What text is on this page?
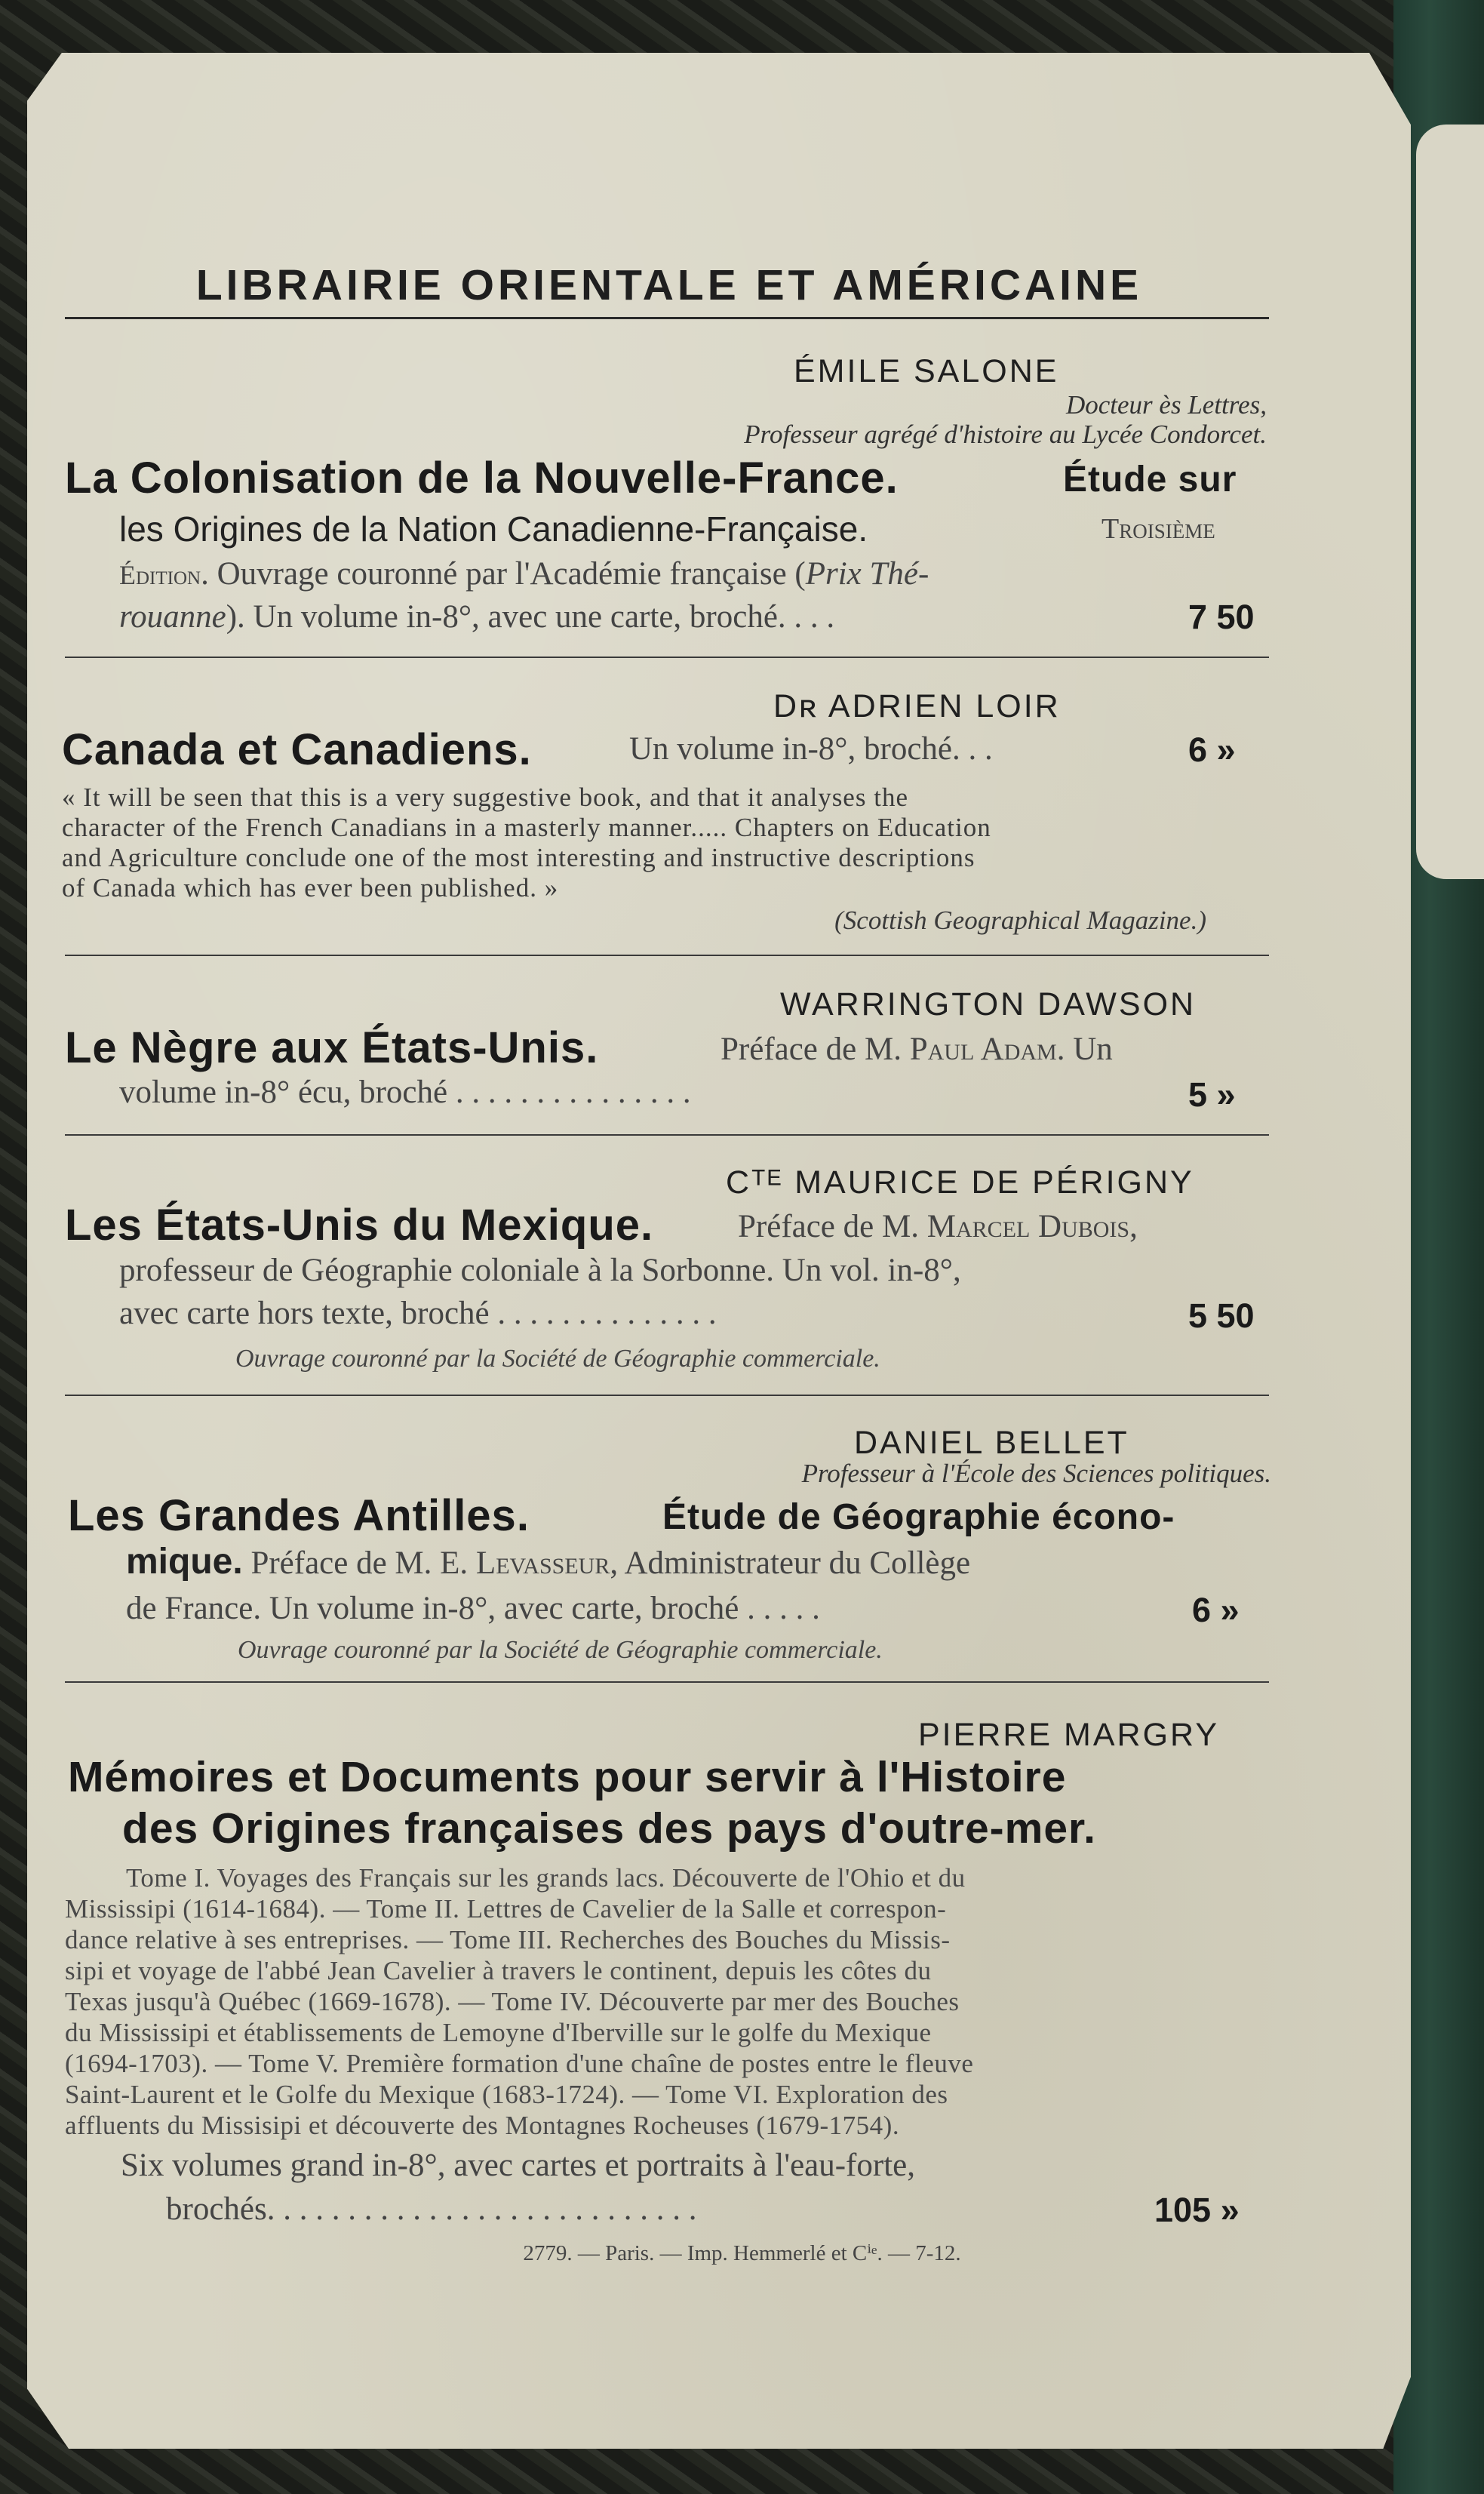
LIBRAIRIE ORIENTALE ET AMÉRICAINE
ÉMILE SALONE
Docteur ès Lettres,
Professeur agrégé d'histoire au Lycée Condorcet.
La Colonisation de la Nouvelle-France.	Étude sur
les Origines de la Nation Canadienne-Française.	Troisième
Édition. Ouvrage couronné par l'Académie française (Prix Thé-
rouanne). Un volume in-8°, avec une carte, broché. . . .	7 50
Dʀ ADRIEN LOIR
Canada et Canadiens.	Un volume in-8°, broché. . .	6 »
« It will be seen that this is a very suggestive book, and that it analyses the
character of the French Canadians in a masterly manner..... Chapters on Education
and Agriculture conclude one of the most interesting and instructive descriptions
of Canada which has ever been published. »
(Scottish Geographical Magazine.)
WARRINGTON DAWSON
Le Nègre aux États-Unis.	Préface de M. Paul Adam. Un
volume in-8° écu, broché . . . . . . . . . . . . . . .	5 »
Cᵀᴱ MAURICE DE PÉRIGNY
Les États-Unis du Mexique.	Préface de M. Marcel Dubois,
professeur de Géographie coloniale à la Sorbonne. Un vol. in-8°,
avec carte hors texte, broché . . . . . . . . . . . . . .	5 50
Ouvrage couronné par la Société de Géographie commerciale.
DANIEL BELLET
Professeur à l'École des Sciences politiques.
Les Grandes Antilles.	Étude de Géographie écono-
mique. Préface de M. E. Levasseur, Administrateur du Collège
de France. Un volume in-8°, avec carte, broché . . . . .	6 »
Ouvrage couronné par la Société de Géographie commerciale.
PIERRE MARGRY
Mémoires et Documents pour servir à l'Histoire
des Origines françaises des pays d'outre-mer.
Tome I. Voyages des Français sur les grands lacs. Découverte de l'Ohio et du
Mississipi (1614-1684). — Tome II. Lettres de Cavelier de la Salle et correspon-
dance relative à ses entreprises. — Tome III. Recherches des Bouches du Missis-
sipi et voyage de l'abbé Jean Cavelier à travers le continent, depuis les côtes du
Texas jusqu'à Québec (1669-1678). — Tome IV. Découverte par mer des Bouches
du Mississipi et établissements de Lemoyne d'Iberville sur le golfe du Mexique
(1694-1703). — Tome V. Première formation d'une chaîne de postes entre le fleuve
Saint-Laurent et le Golfe du Mexique (1683-1724). — Tome VI. Exploration des
affluents du Missisipi et découverte des Montagnes Rocheuses (1679-1754).
Six volumes grand in-8°, avec cartes et portraits à l'eau-forte,
brochés. . . . . . . . . . . . . . . . . . . . . . . . . . .	105 »
2779. — Paris. — Imp. Hemmerlé et Cⁱᵉ. — 7-12.
